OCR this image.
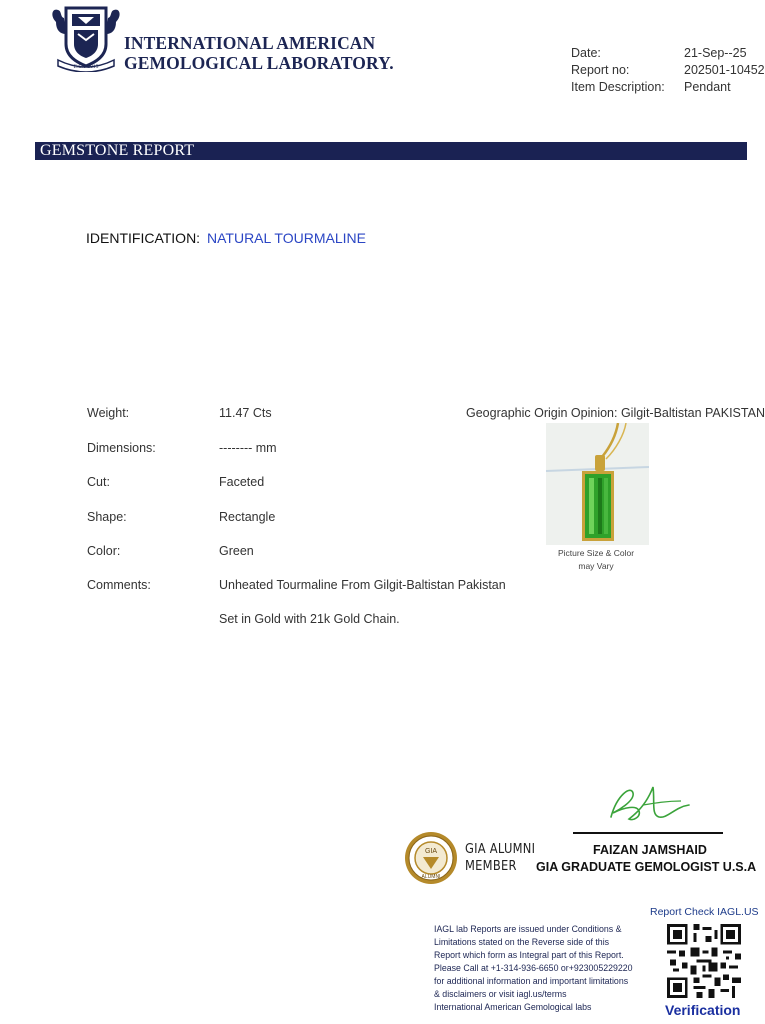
E.S.T 2015
INTERNATIONAL AMERICAN
GEMOLOGICAL LABORATORY.	Date:	21-Sep--25
Report no:	202501-10452
Item Description: Pendant
GEMSTONE REPORT
IDENTIFICATION: NATURAL TOURMALINE
Weight:	11.47 Cts
Dimensions:	-------- mm
Cut:	Faceted
Shape:	Rectangle
Color:	Green
Comments:	Unheated Tourmaline From Gilgit-Baltistan Pakistan
Set in Gold with 21k Gold Chain.
Geographic Origin Opinion: Gilgit-Baltistan PAKISTAN
Picture Size & Color
may Vary
FAIZAN JAMSHAID
GIA GRADUATE GEMOLOGIST U.S.A
GIA
ALUMNI
GIA ALUMNI
MEMBER
IAGL lab Reports are issued under Conditions &
Limitations stated on the Reverse side of this
Report which form as Integral part of this Report.
Please Call at +1-314-936-6650 or+923005229220
for additional information and important limitations
& disclaimers or visit iagl.us/terms
International American Gemological labs
Report Check IAGL.US
Verification
